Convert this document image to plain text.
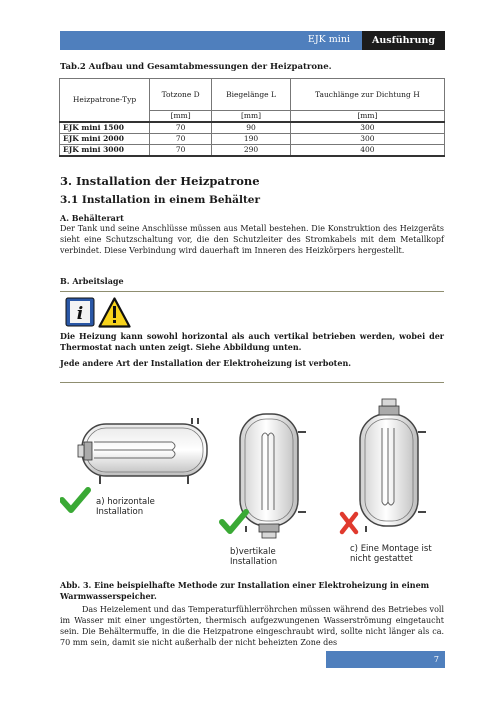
EJK mini	Ausführung 2.31
Tab.2 Aufbau und Gesamtabmessungen der Heizpatrone.
Heizpatrone-Typ	Totzone D	Biegelänge L	Tauchlänge zur Dichtung H
	[mm]	[mm]	[mm]
EJK mini 1500	70	90	300
EJK mini 2000	70	190	300
EJK mini 3000	70	290	400
3. Installation der Heizpatrone
3.1 Installation in einem Behälter
A. Behälterart
Der Tank und seine Anschlüsse müssen aus Metall bestehen. Die Konstruktion des Heizgeräts sieht eine Schutzschaltung vor, die den Schutzleiter des Stromkabels mit dem Metallkopf verbindet. Diese Verbindung wird dauerhaft im Inneren des Heizkörpers hergestellt.
B. Arbeitslage
i
Die Heizung kann sowohl horizontal als auch vertikal betrieben werden, wobei der Thermostat nach unten zeigt. Siehe Abbildung unten.
Jede andere Art der Installation der Elektroheizung ist verboten.
a) horizontale
Installation
b)vertikale
Installation
c) Eine Montage ist
nicht gestattet
Abb. 3. Eine beispielhafte Methode zur Installation einer Elektroheizung in einem Warmwasserspeicher.
Das Heizelement und das Temperaturfühlerröhrchen müssen während des Betriebes voll im Wasser mit einer ungestörten, thermisch aufgezwungenen Wasserströmung eingetaucht sein. Die Behältermuffe, in die die Heizpatrone eingeschraubt wird, sollte nicht länger als ca. 70 mm sein, damit sie nicht außerhalb der nicht beheizten Zone des
7
